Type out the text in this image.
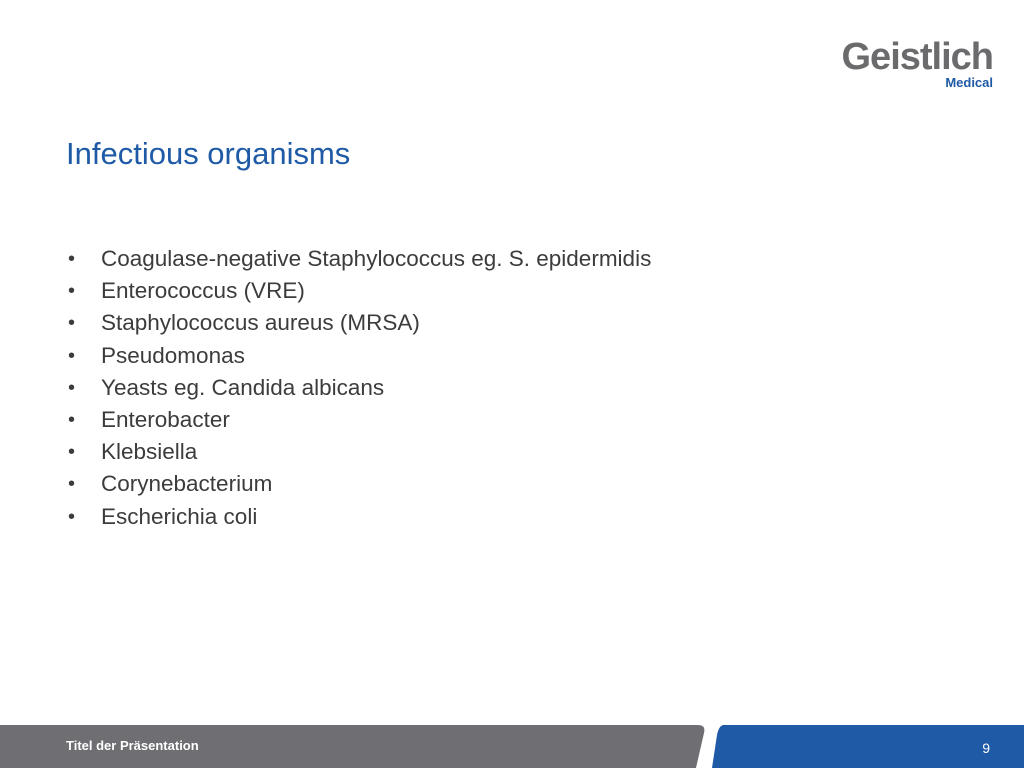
Geistlich
Medical
Infectious organisms
• Coagulase-negative Staphylococcus eg. S. epidermidis
• Enterococcus (VRE)
• Staphylococcus aureus (MRSA)
• Pseudomonas
• Yeasts eg. Candida albicans
• Enterobacter
• Klebsiella
• Corynebacterium
• Escherichia coli
Titel der Präsentation	9
